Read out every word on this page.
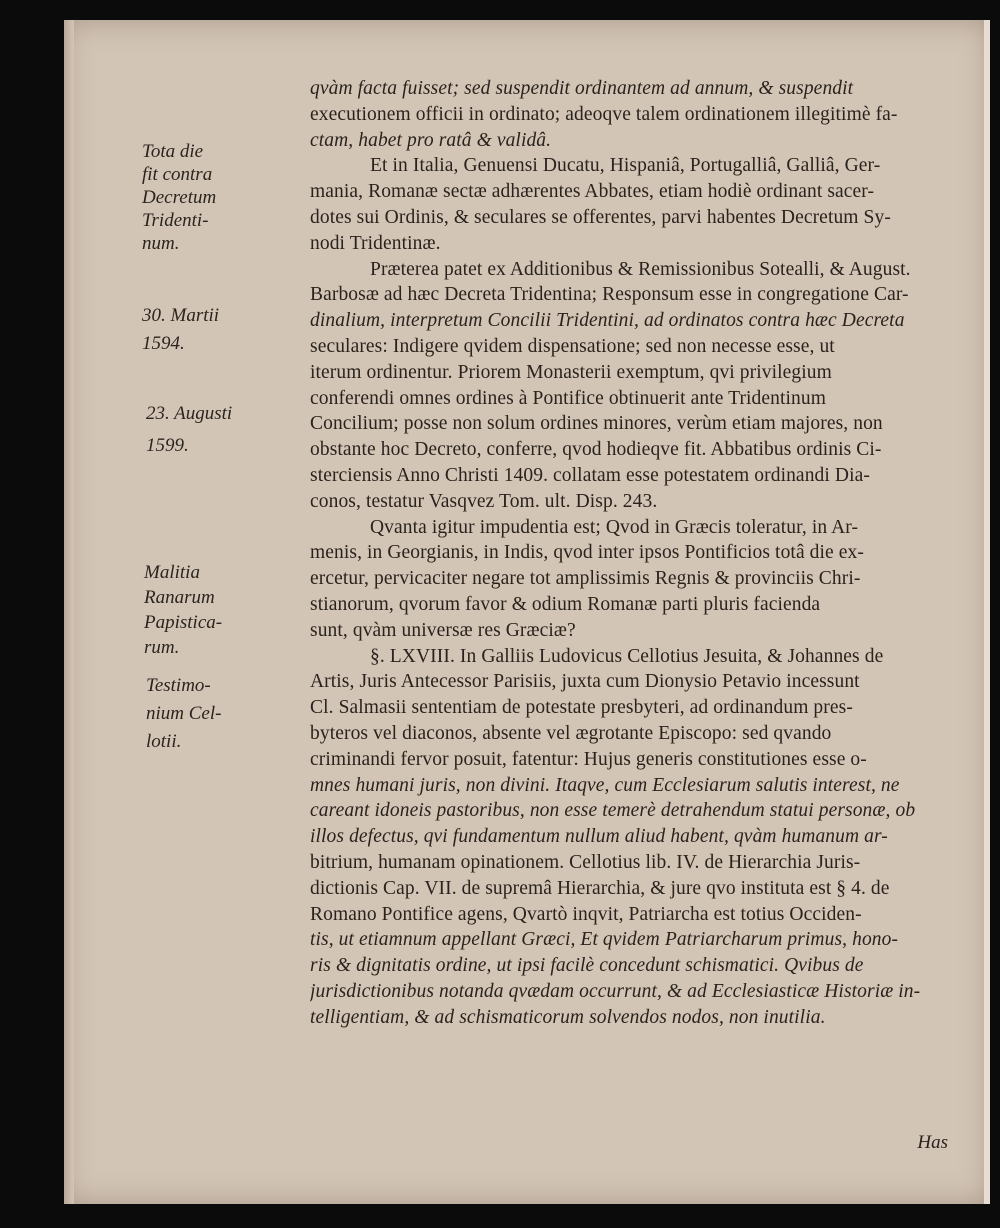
Tota die
fit contra
Decretum
Tridenti-
num.
30. Martii
1594.
23. Augusti
1599.
Malitia
Ranarum
Papisticа-
rum.
Testimo-
nium Cel-
lotii.
qvàm facta fuisset; sed suspendit ordinantem ad annum, & suspendit
executionem officii in ordinato; adeoqve talem ordinationem illegitimè fa-
ctam, habet pro ratâ & validâ.
Et in Italia, Genuensi Ducatu, Hispaniâ, Portugalliâ, Galliâ, Ger-
mania, Romanæ sectæ adhærentes Abbates, etiam hodiè ordinant sacer-
dotes sui Ordinis, & seculares se offerentes, parvi habentes Decretum Sy-
nodi Tridentinæ.
Præterea patet ex Additionibus & Remissionibus Sotealli, & August.
Barbosæ ad hæc Decreta Tridentina; Responsum esse in congregatione Car-
dinalium, interpretum Concilii Tridentini, ad ordinatos contra hæc Decreta
seculares: Indigere qvidem dispensatione; sed non necesse esse, ut
iterum ordinentur. Priorem Monasterii exemptum, qvi privilegium
conferendi omnes ordines à Pontifice obtinuerit ante Tridentinum
Concilium; posse non solum ordines minores, verùm etiam majores, non
obstante hoc Decreto, conferre, qvod hodieqve fit. Abbatibus ordinis Ci-
sterciensis Anno Christi 1409. collatam esse potestatem ordinandi Dia-
conos, testatur Vasqvez Tom. ult. Disp. 243.
Qvanta igitur impudentia est; Qvod in Græcis toleratur, in Ar-
menis, in Georgianis, in Indis, qvod inter ipsos Pontificios totâ die ex-
ercetur, pervicaciter negare tot amplissimis Regnis & provinciis Chri-
stianorum, qvorum favor & odium Romanæ parti pluris facienda
sunt, qvàm universæ res Græciæ?
§. LXVIII. In Galliis Ludovicus Cellotius Jesuita, & Johannes de
Artis, Juris Antecessor Parisiis, juxta cum Dionysio Petavio incessunt
Cl. Salmasii sententiam de potestate presbyteri, ad ordinandum pres-
byteros vel diaconos, absente vel ægrotante Episcopo: sed qvando
criminandi fervor posuit, fatentur: Hujus generis constitutiones esse o-
mnes humani juris, non divini. Itaqve, cum Ecclesiarum salutis interest, ne
careant idoneis pastoribus, non esse temerè detrahendum statui personæ, ob
illos defectus, qvi fundamentum nullum aliud habent, qvàm humanum ar-
bitrium, humanam opinationem. Cellotius lib. IV. de Hierarchia Juris-
dictionis Cap. VII. de supremâ Hierarchia, & jure qvo instituta est § 4. de
Romano Pontifice agens, Qvartò inqvit, Patriarcha est totius Occiden-
tis, ut etiamnum appellant Græci, Et qvidem Patriarcharum primus, hono-
ris & dignitatis ordine, ut ipsi facilè concedunt schismatici. Qvibus de
jurisdictionibus notanda qvædam occurrunt, & ad Ecclesiasticæ Historiæ in-
telligentiam, & ad schismaticorum solvendos nodos, non inutilia.
Has
